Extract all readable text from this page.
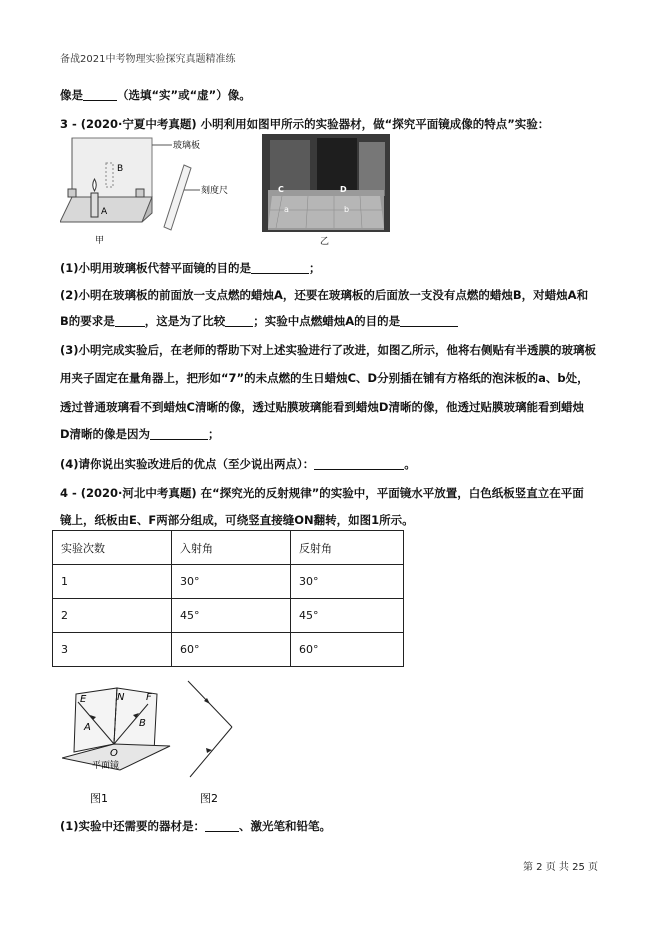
备战2021中考物理实验探究真题精准练
像是	（选填“实”或“虚”）像。
3 - (2020·宁夏中考真题) 小明利用如图甲所示的实验器材，做“探究平面镜成像的特点”实验：
B
A
玻璃板
刻度尺
甲
C	D
a	b
乙
(1)小明用玻璃板代替平面镜的目的是	；
(2)小明在玻璃板的前面放一支点燃的蜡烛A，还要在玻璃板的后面放一支没有点燃的蜡烛B，对蜡烛A和
B的要求是	，这是为了比较 ；实验中点燃蜡烛A的目的是
(3)小明完成实验后，在老师的帮助下对上述实验进行了改进，如图乙所示，他将右侧贴有半透膜的玻璃板
用夹子固定在量角器上，把形如“7”的未点燃的生日蜡烛C、D分别插在铺有方格纸的泡沫板的a、b处，
透过普通玻璃看不到蜡烛C清晰的像，透过贴膜玻璃能看到蜡烛D清晰的像，他透过贴膜玻璃能看到蜡烛
D清晰的像是因为	；
(4)请你说出实验改进后的优点（至少说出两点）：	。
4 - (2020·河北中考真题) 在“探究光的反射规律”的实验中，平面镜水平放置，白色纸板竖直立在平面
镜上，纸板由E、F两部分组成，可绕竖直接缝ON翻转，如图1所示。
实验次数	入射角	反射角
1	30°	30°
2	45°	45°
3	60°	60°
E	N F
A	B
O
平面镜
图1	图2
(1)实验中还需要的器材是：	、激光笔和铅笔。
第 2 页 共 25 页
